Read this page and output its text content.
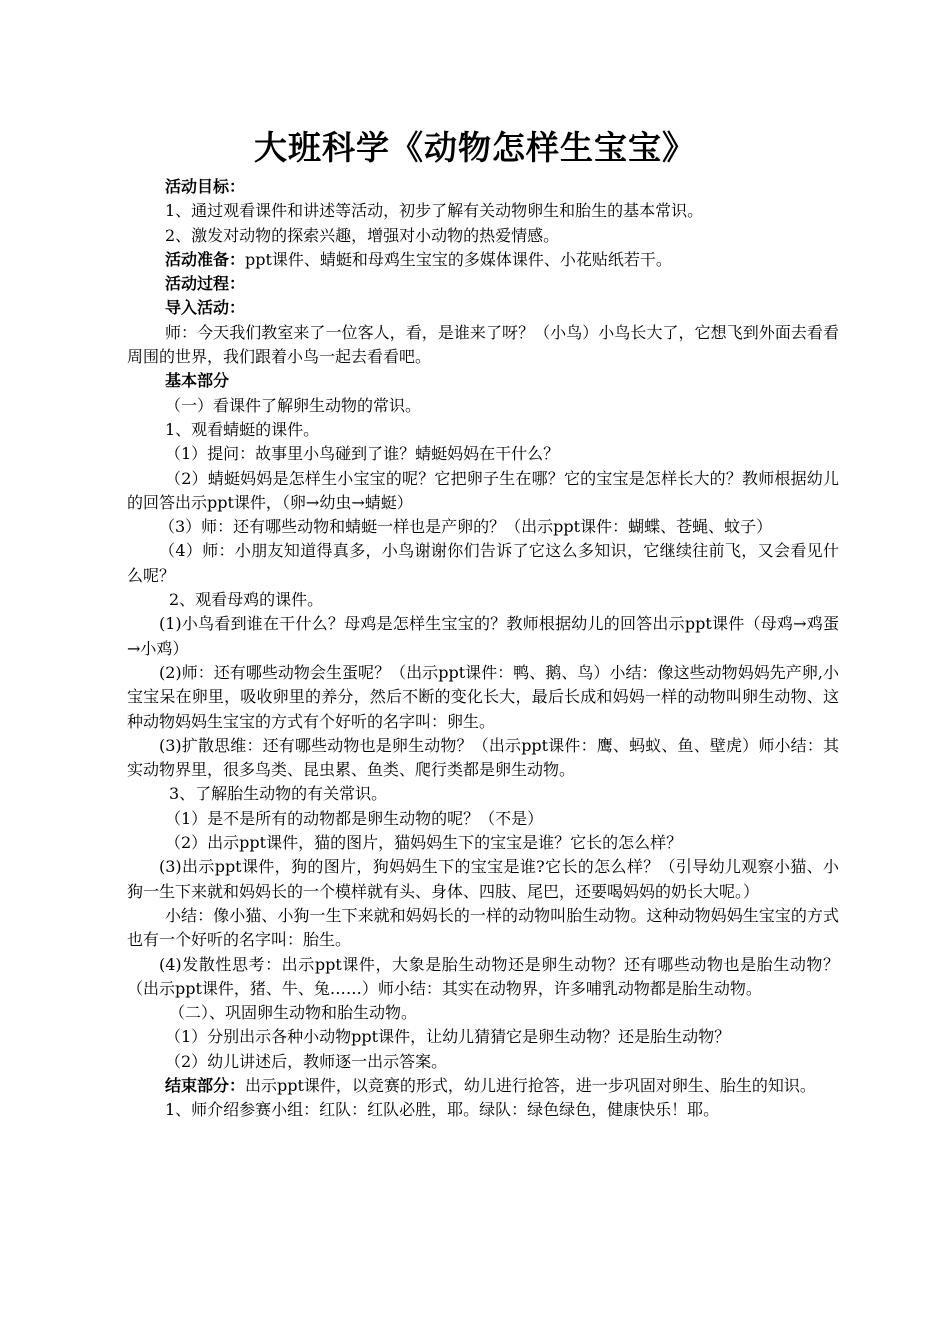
大班科学《动物怎样生宝宝》

活动目标：

1、通过观看课件和讲述等活动，初步了解有关动物卵生和胎生的基本常识。

2、激发对动物的探索兴趣，增强对小动物的热爱情感。

活动准备：ppt课件、蜻蜓和母鸡生宝宝的多媒体课件、小花贴纸若干。

活动过程：

导入活动：

师：今天我们教室来了一位客人，看，是谁来了呀？（小鸟）小鸟长大了，它想飞到外面去看看周围的世界，我们跟着小鸟一起去看看吧。

基本部分

（一）看课件了解卵生动物的常识。

1、观看蜻蜓的课件。

（1）提问：故事里小鸟碰到了谁？蜻蜓妈妈在干什么？

（2）蜻蜓妈妈是怎样生小宝宝的呢？它把卵子生在哪？它的宝宝是怎样长大的？教师根据幼儿的回答出示ppt课件，（卵→幼虫→蜻蜓）

（3）师：还有哪些动物和蜻蜓一样也是产卵的？（出示ppt课件：蝴蝶、苍蝇、蚊子）

（4）师：小朋友知道得真多，小鸟谢谢你们告诉了它这么多知识，它继续往前飞，又会看见什么呢？

2、观看母鸡的课件。

(1)小鸟看到谁在干什么？母鸡是怎样生宝宝的？教师根据幼儿的回答出示ppt课件（母鸡→鸡蛋→小鸡）

(2)师：还有哪些动物会生蛋呢？（出示ppt课件：鸭、鹅、鸟）小结：像这些动物妈妈先产卵,小宝宝呆在卵里，吸收卵里的养分，然后不断的变化长大，最后长成和妈妈一样的动物叫卵生动物、这种动物妈妈生宝宝的方式有个好听的名字叫：卵生。

(3)扩散思维：还有哪些动物也是卵生动物？（出示ppt课件：鹰、蚂蚁、鱼、壁虎）师小结：其实动物界里，很多鸟类、昆虫累、鱼类、爬行类都是卵生动物。

3、了解胎生动物的有关常识。

（1）是不是所有的动物都是卵生动物的呢？（不是）

（2）出示ppt课件，猫的图片，猫妈妈生下的宝宝是谁？它长的怎么样？

(3)出示ppt课件，狗的图片，狗妈妈生下的宝宝是谁?它长的怎么样？（引导幼儿观察小猫、小狗一生下来就和妈妈长的一个模样就有头、身体、四肢、尾巴，还要喝妈妈的奶长大呢。）

小结：像小猫、小狗一生下来就和妈妈长的一样的动物叫胎生动物。这种动物妈妈生宝宝的方式也有一个好听的名字叫：胎生。

(4)发散性思考：出示ppt课件，大象是胎生动物还是卵生动物？还有哪些动物也是胎生动物？（出示ppt课件，猪、牛、兔……）师小结：其实在动物界，许多哺乳动物都是胎生动物。

（二）、巩固卵生动物和胎生动物。

（1）分别出示各种小动物ppt课件，让幼儿猜猜它是卵生动物？还是胎生动物？

（2）幼儿讲述后，教师逐一出示答案。

结束部分：出示ppt课件，以竞赛的形式，幼儿进行抢答，进一步巩固对卵生、胎生的知识。

1、师介绍参赛小组：红队：红队必胜，耶。绿队：绿色绿色，健康快乐！耶。
